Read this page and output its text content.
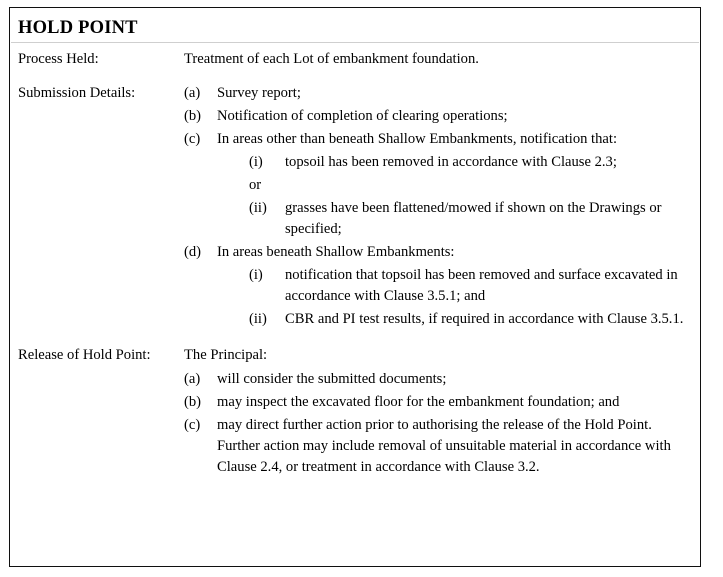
HOLD POINT
Process Held:	Treatment of each Lot of embankment foundation.
Submission Details:	(a)	Survey report;
(b)	Notification of completion of clearing operations;
(c)	In areas other than beneath Shallow Embankments, notification that:
(i)	topsoil has been removed in accordance with Clause 2.3;
or
(ii)	grasses have been flattened/mowed if shown on the Drawings or specified;
(d)	In areas beneath Shallow Embankments:
(i)	notification that topsoil has been removed and surface excavated in accordance with Clause 3.5.1; and
(ii)	CBR and PI test results, if required in accordance with Clause 3.5.1.
Release of Hold Point:	The Principal:
(a)	will consider the submitted documents;
(b)	may inspect the excavated floor for the embankment foundation; and
(c)	may direct further action prior to authorising the release of the Hold Point. Further action may include removal of unsuitable material in accordance with Clause 2.4, or treatment in accordance with Clause 3.2.
